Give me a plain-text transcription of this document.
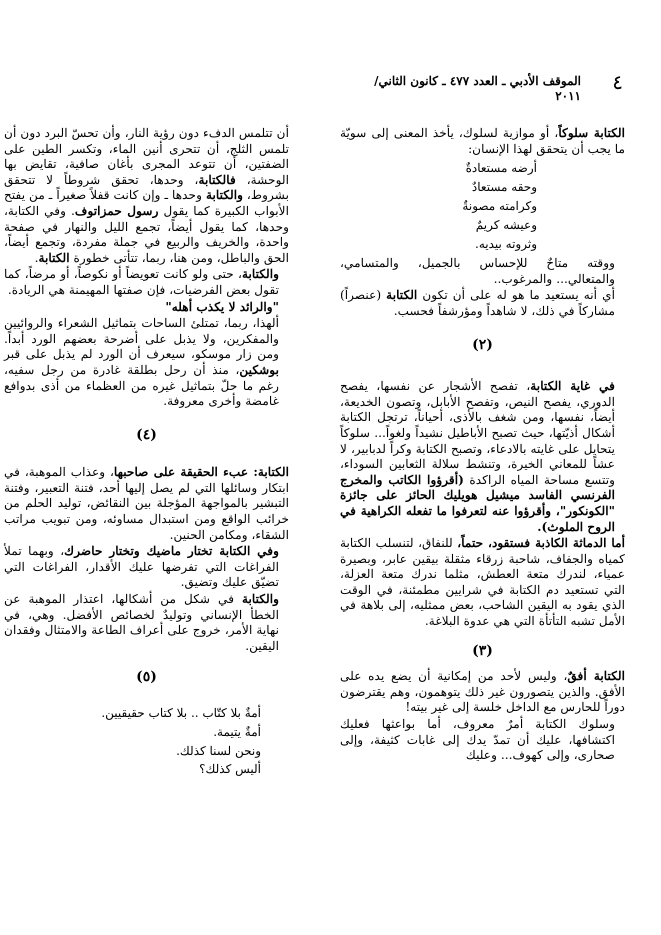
٤
الموقف الأدبي ـ العدد ٤٧٧ ـ كانون الثاني/
٢٠١١

الكتابة سلوكاً، أو موازية لسلوك، يأخذ المعنى إلى سويّة ما يجب أن يتحقق لهذا الإنسان:

أرضه مستعادةٌ
وحقه مستعادٌ
وكرامته مصونةٌ
وعيشه كريمٌ
وثروته بيديه.

ووقته متاحٌ للإحساس بالجميل، والمتسامي، والمتعالي... والمرغوب..

أي أنه يستعيد ما هو له على أن تكون الكتابة (عنصراً) مشاركاً في ذلك، لا شاهداً ومؤرشفاً فحسب.

(٢)

في غاية الكتابة، تفصح الأشجار عن نفسها، يفصح الدوري، يفصح النيص، وتفصح الأبابل، وتصون الخديعة، أيضاً، نفسها، ومن شغف بالأذى، أحياناً، ترتجل الكتابة أشكال أذيّتها، حيث تصبح الأباطيل نشيداً ولغواً... سلوكاً يتحايل على غايته بالادعاء، وتصبح الكتابة وكراً لدبابير، لا عشاً للمعاني الخيرة، وتنشط سلالة الثعابين السوداء، وتتسع مساحة المياه الراكدة (أقرؤوا الكاتب والمخرج الفرنسي الفاسد ميشيل هويليك الحائز على جائزة "الكونكور"، وأقرؤوا عنه لتعرفوا ما تفعله الكراهية في الروح الملوث).

أما الدماثة الكاذبة فستقود، حتماً، للنفاق، لتنسلب الكتابة كمياه والجفاف، شاحبة زرقاء مثقلة بيقين عابر، وبصيرة عمياء، لندرك متعة العطش، مثلما ندرك متعة العزلة، التي تستعيد دم الكتابة في شرايين مطمئنة، في الوقت الذي يقود به اليقين الشاحب، بعض ممثليه، إلى بلاهة في الأمل تشبه التأتأة التي هي عدوة البلاغة.

(٣)

الكتابة أفقٌ، وليس لأحد من إمكانية أن يضع يده على الأفق. والذين يتصورون غير ذلك يتوهمون، وهم يقترضون دوراً للحارس مع الداخل خلسة إلى غير بيته!

وسلوك الكتابة أمرٌ معروف، أما بواعثها فعليك اكتشافها، عليك أن تمدّ يدك إلى غابات كثيفة، وإلى صحارى، وإلى كهوف... وعليك

أن تتلمس الدفء دون رؤية النار، وأن تحسّ البرد دون أن تلمس الثلج، أن تتحرى أنين الماء، وتكسر الطين على الضفتين، أن تتوعد المجرى بأغان صافية، تقايض بها الوحشة، فالكتابة، وحدها، تحقق شروطاً لا تتحقق بشروط، والكتابة وحدها ـ وإن كانت قفلاً صغيراً ـ من يفتح الأبواب الكبيرة كما يقول رسول حمزاتوف. وفي الكتابة، وحدها، كما يقول أيضاً، تجمع الليل والنهار في صفحة واحدة، والخريف والربيع في جملة مفردة، وتجمع أيضاً، الحق والباطل، ومن هنا، ربما، تتأتى خطورة الكتابة.

والكتابة، حتى ولو كانت تعويضاً أو نكوصاً، أو مرضاً، كما تقول بعض الفرضيات، فإن صفتها المهيمنة هي الريادة.

"والرائد لا يكذب أهله"

ألهذا، ربما، تمتلئ الساحات بتماثيل الشعراء والروائيين والمفكرين، ولا يذبل على أضرحة بعضهم الورد أبداً. ومن زار موسكو، سيعرف أن الورد لم يذبل على قبر بوشكين، منذ أن رحل بطلقة غادرة من رجل سفيه، رغم ما حلّ بتماثيل غيره من العظماء من أذى بدوافع غامضة وأخرى معروفة.

(٤)

الكتابة: عبء الحقيقة على صاحبها، وعذاب الموهبة، في ابتكار وسائلها التي لم يصل إليها أحد، فتنة التعبير، وفتنة التبشير بالمواجهة المؤجلة بين النقائض، توليد الحلم من خرائب الواقع ومن استبدال مساوئه، ومن تبويب مراتب الشقاء، ومكامن الحنين.

وفي الكتابة تختار ماضيك وتختار حاضرك، وبهما تملأ الفراغات التي تفرضها عليك الأقدار، الفراغات التي تضيّق عليك وتضيق.

والكتابة في شكل من أشكالها، اعتذار الموهبة عن الخطأ الإنساني وتوليدٌ لخصائص الأفضل. وهي، في نهاية الأمر، خروج على أعراف الطاعة والامتثال وفقدان اليقين.

(٥)
أمةٌ بلا كتّاب .. بلا كتاب حقيقيين.
أمةٌ يتيمة.
ونحن لسنا كذلك.
أليس كذلك؟
